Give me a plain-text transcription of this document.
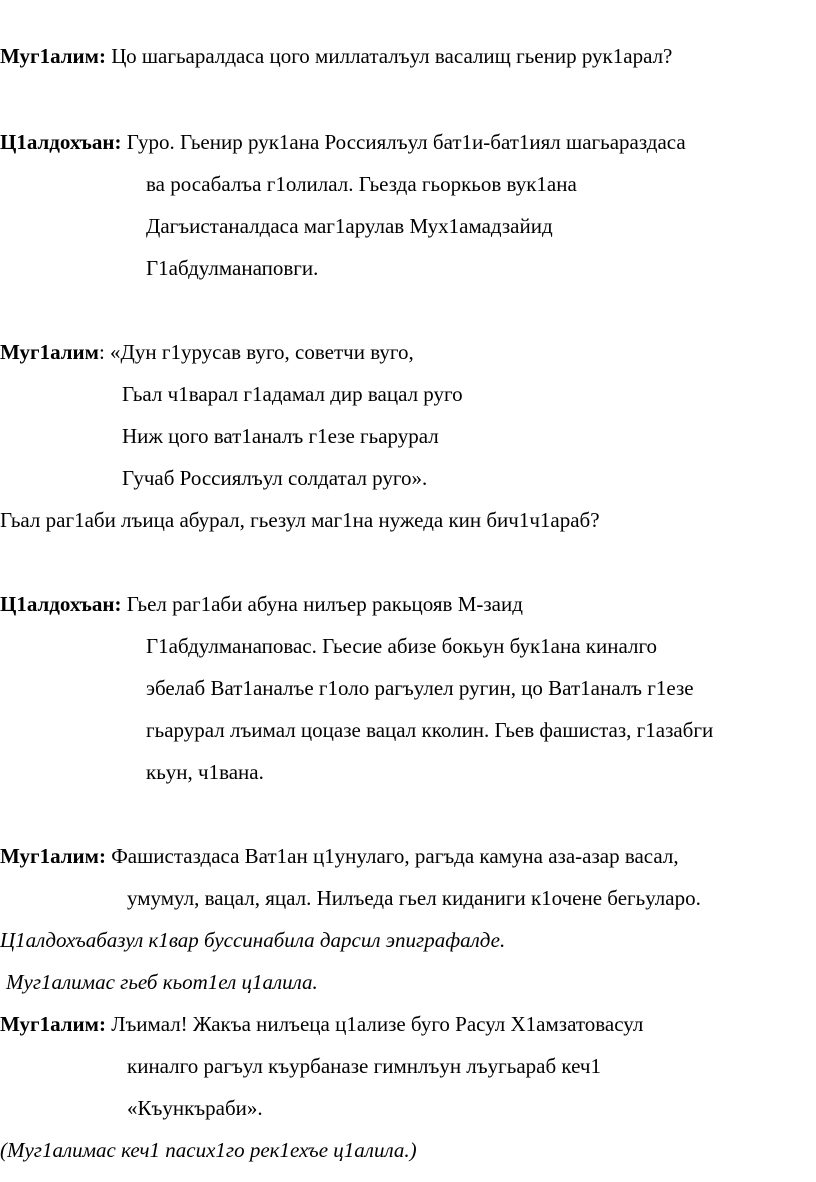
Муг1алим: Цо шагьаралдаса цого миллаталъул васалищ гьенир рук1арал?
Ц1алдохъан: Гуро. Гьенир рук1ана Россиялъул бат1и-бат1иял шагьараздаса
ва росабалъа г1олилал. Гьезда гьоркьов вук1ана
Дагъистаналдаса маг1арулав Мух1амадзайид
Г1абдулманаповги.
Муг1алим: «Дун г1урусав вуго, советчи вуго,
Гьал ч1варал г1адамал дир вацал руго
Ниж цого ват1аналъ г1езе гьарурал
Гучаб Россиялъул солдатал руго».
Гьал раг1аби лъица абурал, гьезул маг1на нужеда кин бич1ч1араб?
Ц1алдохъан: Гьел раг1аби абуна нилъер ракьцояв М-заид
Г1абдулманаповас. Гьесие абизе бокьун бук1ана киналго
эбелаб Ват1аналъе г1оло рагъулел ругин, цо Ват1аналъ г1езе
гьарурал лъимал цоцазе вацал кколин. Гьев фашистаз, г1азабги
кьун, ч1вана.
Муг1алим: Фашистаздаса Ват1ан ц1унулаго, рагъда камуна аза-азар васал,
умумул, вацал, яцал. Нилъеда гьел киданиги к1очене бегьуларо.
Ц1алдохъабазул к1вар буссинабила дарсил эпиграфалде.
Муг1алимас гьеб кьот1ел ц1алила.
Муг1алим: Лъимал! Жакъа нилъеца ц1ализе буго Расул Х1амзатовасул
киналго рагъул къурбаназе гимнлъун лъугьараб кеч1
«Къункъраби».
(Муг1алимас кеч1 пасих1го рек1ехъе ц1алила.)
